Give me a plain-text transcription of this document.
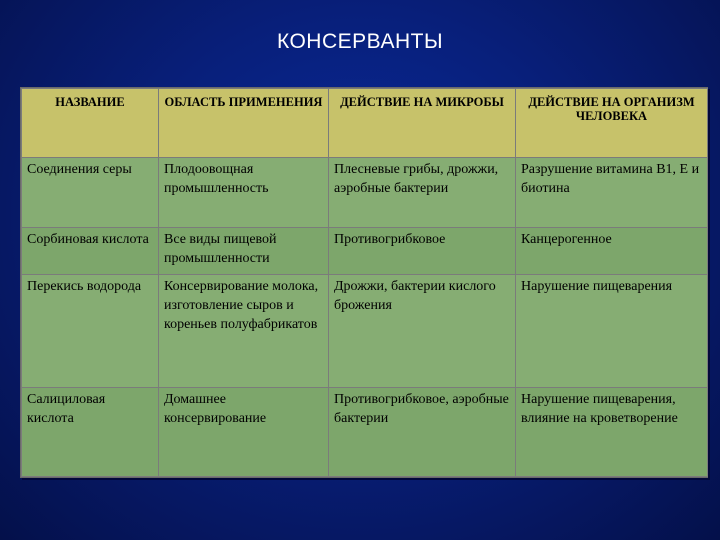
КОНСЕРВАНТЫ
НАЗВАНИЕ	ОБЛАСТЬ ПРИМЕНЕНИЯ	ДЕЙСТВИЕ НА МИКРОБЫ	ДЕЙСТВИЕ НА ОРГАНИЗМ ЧЕЛОВЕКА
Соединения серы	Плодоовощная промышленность	Плесневые грибы, дрожжи, аэробные бактерии	Разрушение витамина В1, Е и биотина
Сорбиновая кислота	Все виды пищевой промышленности	Противогрибковое	Канцерогенное
Перекись водорода	Консервирование молока, изготовление сыров и кореньев полуфабрикатов	Дрожжи, бактерии кислого брожения	Нарушение пищеварения
Салициловая кислота	Домашнее консервирование	Противогрибковое, аэробные бактерии	Нарушение пищеварения, влияние на кроветворение
